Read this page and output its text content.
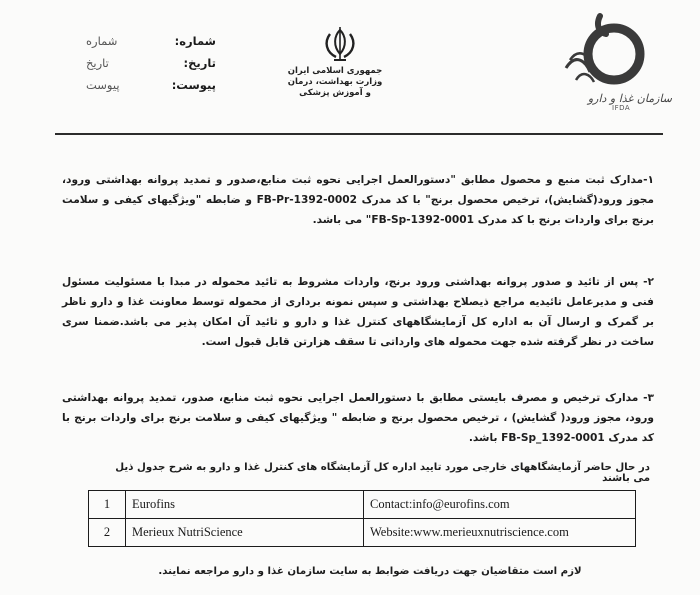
شماره:
شماره
تاریخ:
تاریخ
پیوست:
پیوست
جمهوری اسلامی ایران
وزارت بهداشت، درمان
و آموزش پزشکی	سازمان غذا و دارو
IFDA
۱-مدارک ثبت منبع و محصول مطابق "دستورالعمل اجرایی نحوه ثبت منابع،صدور و تمدید پروانه بهداشتی ورود، مجوز ورود(گشایش)، ترخیص محصول برنج" با کد مدرک FB-Pr-1392-0002 و ضابطه "ویژگیهای کیفی و سلامت برنج برای واردات برنج با کد مدرک FB-Sp-1392-0001" می باشد.
۲- پس از تائید و صدور پروانه بهداشتی ورود برنج، واردات مشروط به تائید محموله در مبدا با مسئولیت مسئول فنی و مدیرعامل تائیدیه مراجع ذیصلاح بهداشتی و سپس نمونه برداری از محموله توسط معاونت غذا و دارو ناظر بر گمرک و ارسال آن به اداره کل آزمایشگاههای کنترل غذا و دارو و تائید آن امکان پذیر می باشد.ضمنا سری ساخت در نظر گرفته شده جهت محموله های وارداتی تا سقف هزارتن قابل قبول است.
۳- مدارک ترخیص و مصرف بایستی مطابق با دستورالعمل اجرایی نحوه ثبت منابع، صدور، تمدید پروانه بهداشتی ورود، مجوز ورود( گشایش) ، ترخیص محصول برنج و ضابطه " ویژگیهای کیفی و سلامت برنج برای واردات برنج با کد مدرک FB-Sp_1392-0001 باشد.
در حال حاضر آزمایشگاههای خارجی مورد تایید اداره کل آزمایشگاه های کنترل غذا و دارو به شرح جدول ذیل می باشند
1	Eurofins	Contact:info@eurofins.com
2	Merieux NutriScience	Website:www.merieuxnutriscience.com
لازم است متقاضیان جهت دریافت ضوابط به سایت سازمان غذا و دارو مراجعه نمایند.
